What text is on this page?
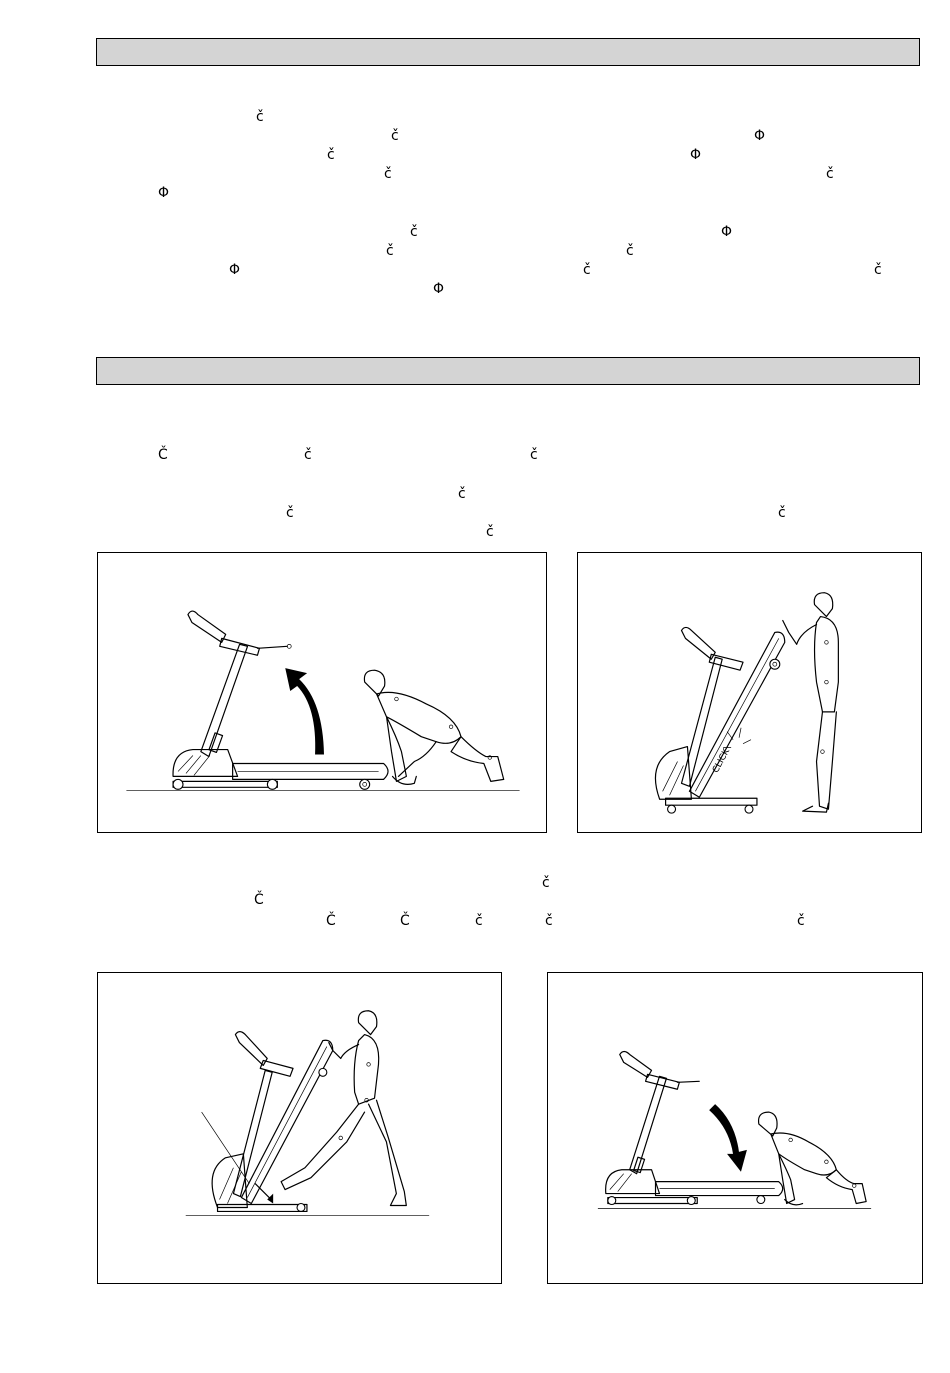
č
č	Φ
č	Φ
č	č
Φ
č	Φ
č	č
Φ	č	č
Φ
Č	č	č
č
č	č
č
č
Č
Č	Č	č	č	č
CLICK
